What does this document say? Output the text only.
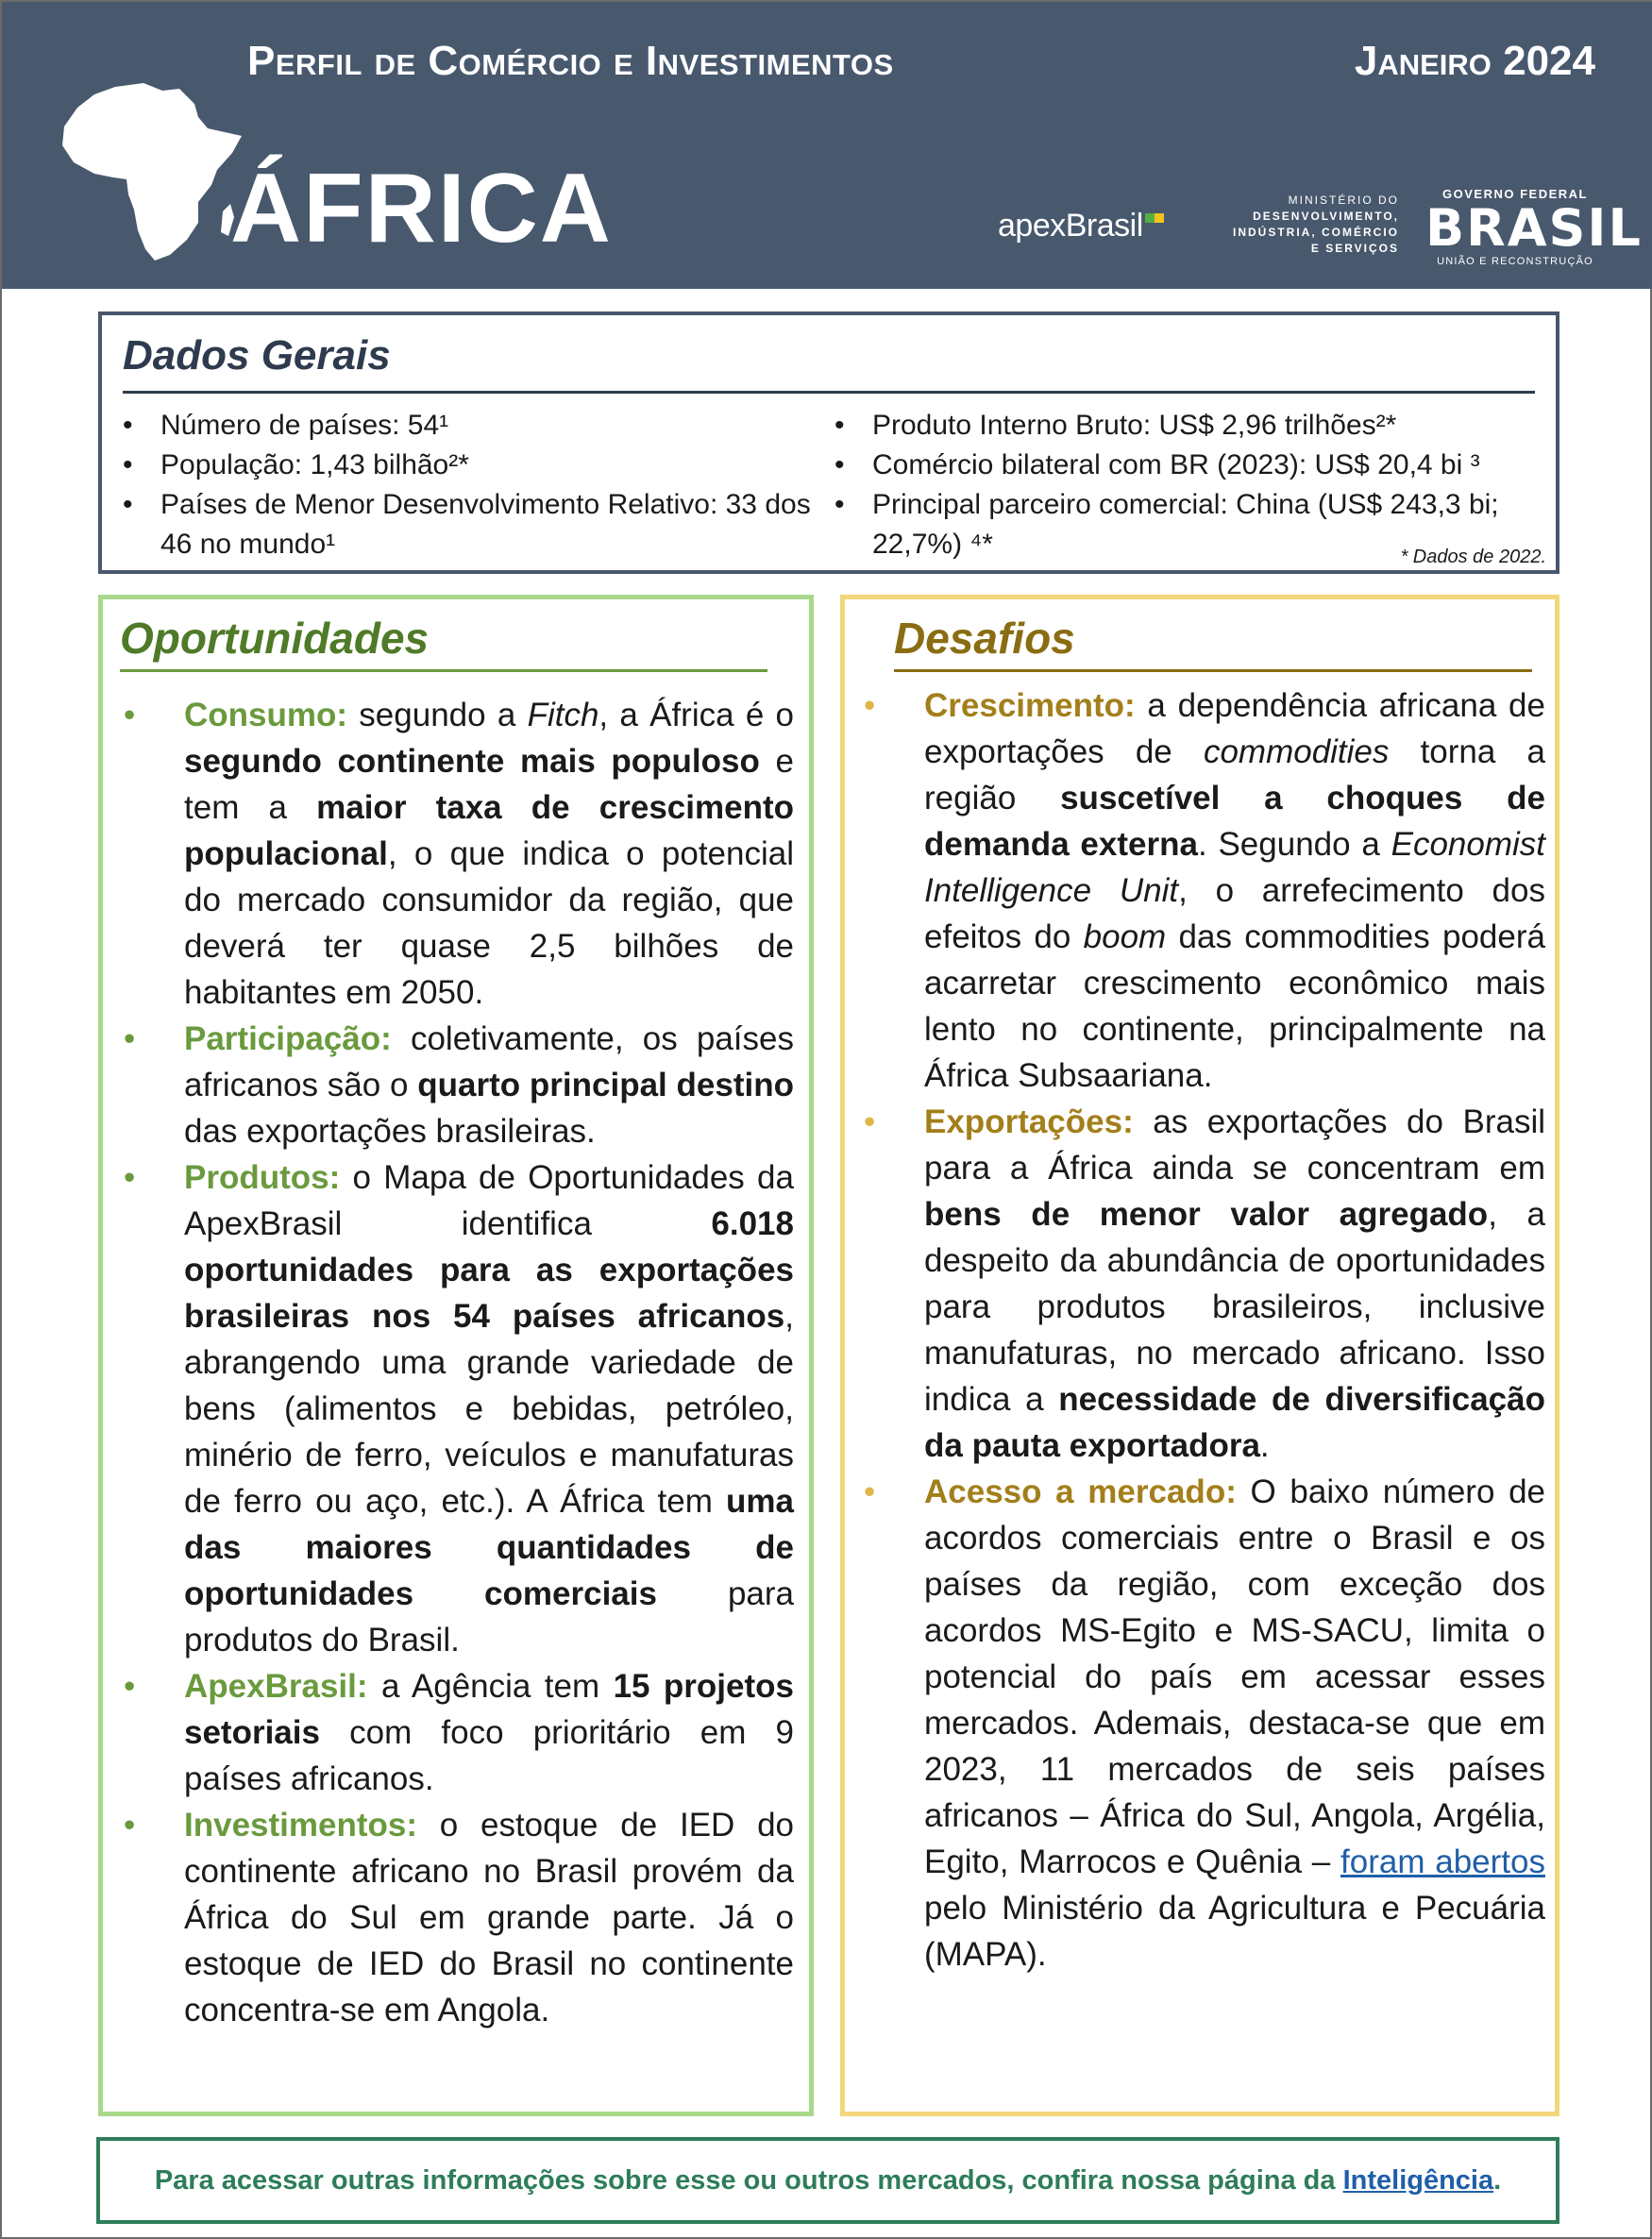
Perfil de Comércio e Investimentos	Janeiro 2024
ÁFRICA	apexBrasil
MINISTÉRIO DO
DESENVOLVIMENTO,
INDÚSTRIA, COMÉRCIO
E SERVIÇOS
GOVERNO FEDERAL
BRASIL
UNIÃO E RECONSTRUÇÃO
Dados Gerais
• Número de países: 54¹
• População: 1,43 bilhão²*
• Países de Menor Desenvolvimento Relativo: 33 dos 46 no mundo¹
• Produto Interno Bruto: US$ 2,96 trilhões²*
• Comércio bilateral com BR (2023): US$ 20,4 bi ³
• Principal parceiro comercial: China (US$ 243,3 bi; 22,7%) ⁴*	* Dados de 2022.
Oportunidades
• Consumo: segundo a Fitch, a África é o segundo continente mais populoso e tem a maior taxa de crescimento populacional, o que indica o potencial do mercado consumidor da região, que deverá ter quase 2,5 bilhões de habitantes em 2050.
• Participação: coletivamente, os países africanos são o quarto principal destino das exportações brasileiras.
• Produtos: o Mapa de Oportunidades da ApexBrasil identifica 6.018 oportunidades para as exportações brasileiras nos 54 países africanos, abrangendo uma grande variedade de bens (alimentos e bebidas, petróleo, minério de ferro, veículos e manufaturas de ferro ou aço, etc.). A África tem uma das maiores quantidades de oportunidades comerciais para produtos do Brasil.
• ApexBrasil: a Agência tem 15 projetos setoriais com foco prioritário em 9 países africanos.
• Investimentos: o estoque de IED do continente africano no Brasil provém da África do Sul em grande parte. Já o estoque de IED do Brasil no continente concentra-se em Angola.
Desafios
• Crescimento: a dependência africana de exportações de commodities torna a região suscetível a choques de demanda externa. Segundo a Economist Intelligence Unit, o arrefecimento dos efeitos do boom das commodities poderá acarretar crescimento econômico mais lento no continente, principalmente na África Subsaariana.
• Exportações: as exportações do Brasil para a África ainda se concentram em bens de menor valor agregado, a despeito da abundância de oportunidades para produtos brasileiros, inclusive manufaturas, no mercado africano. Isso indica a necessidade de diversificação da pauta exportadora.
• Acesso a mercado: O baixo número de acordos comerciais entre o Brasil e os países da região, com exceção dos acordos MS-Egito e MS-SACU, limita o potencial do país em acessar esses mercados. Ademais, destaca-se que em 2023, 11 mercados de seis países africanos – África do Sul, Angola, Argélia, Egito, Marrocos e Quênia – foram abertos pelo Ministério da Agricultura e Pecuária (MAPA).

Para acessar outras informações sobre esse ou outros mercados, confira nossa página da Inteligência.
